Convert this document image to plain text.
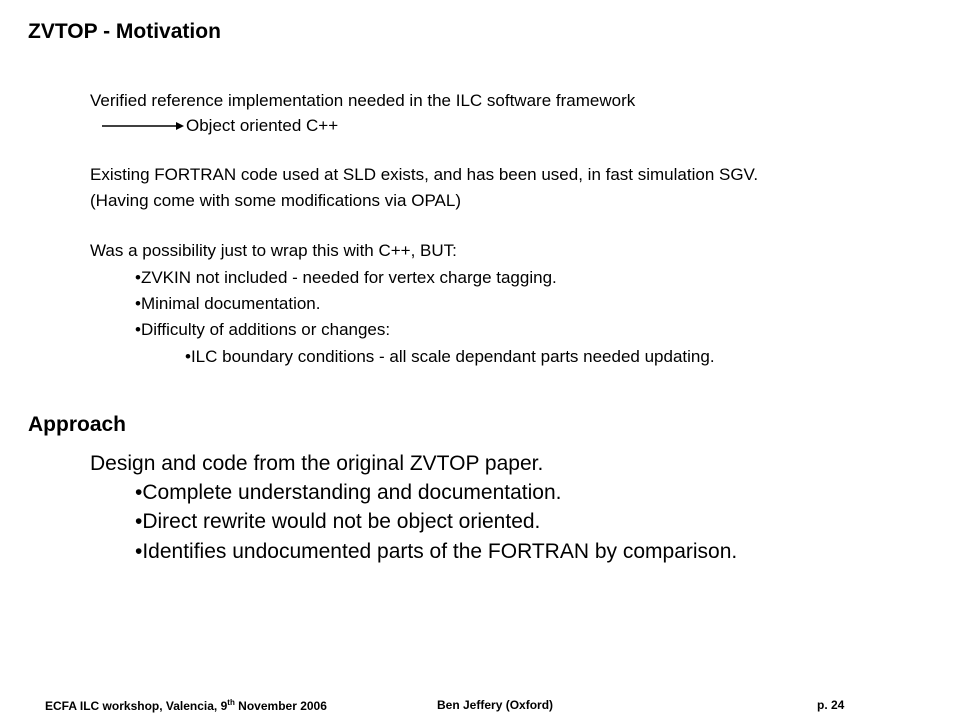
ZVTOP - Motivation
Verified reference implementation needed in the ILC software framework
Object oriented C++
Existing FORTRAN code used at SLD exists, and has been used, in fast simulation SGV.
(Having come with some modifications via OPAL)
Was a possibility just to wrap this with C++, BUT:
•ZVKIN not included - needed for vertex charge tagging.
•Minimal documentation.
•Difficulty of additions or changes:
•ILC boundary conditions - all scale dependant parts needed updating.
Approach
Design and code from the original ZVTOP paper.
•Complete understanding and documentation.
•Direct rewrite would not be object oriented.
•Identifies undocumented parts of the FORTRAN by comparison.
ECFA ILC workshop, Valencia, 9th November 2006	Ben Jeffery (Oxford)	p. 24
